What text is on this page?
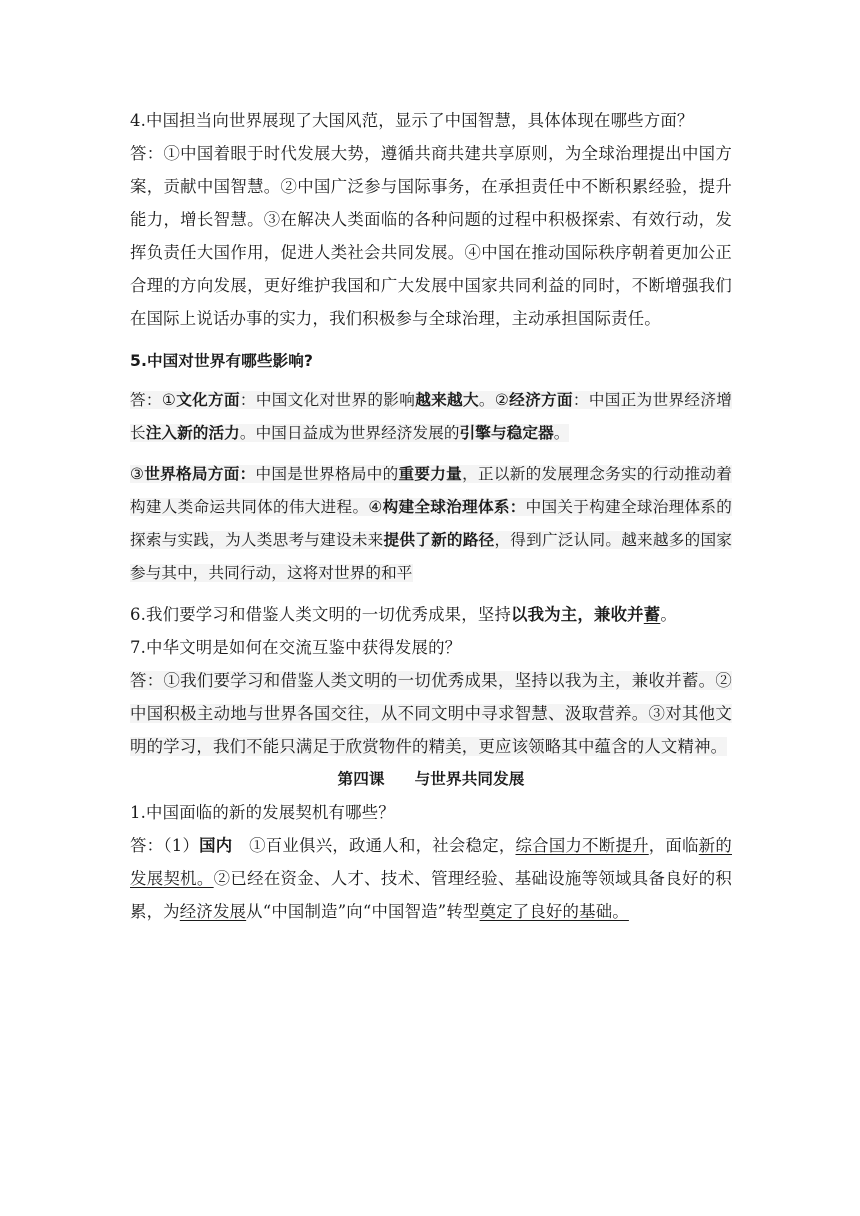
4.中国担当向世界展现了大国风范，显示了中国智慧，具体体现在哪些方面？

答：①中国着眼于时代发展大势，遵循共商共建共享原则，为全球治理提出中国方案，贡献中国智慧。②中国广泛参与国际事务，在承担责任中不断积累经验，提升能力，增长智慧。③在解决人类面临的各种问题的过程中积极探索、有效行动，发挥负责任大国作用，促进人类社会共同发展。④中国在推动国际秩序朝着更加公正合理的方向发展，更好维护我国和广大发展中国家共同利益的同时，不断增强我们在国际上说话办事的实力，我们积极参与全球治理，主动承担国际责任。

5.中国对世界有哪些影响?

答：①文化方面：中国文化对世界的影响越来越大。②经济方面：中国正为世界经济增长注入新的活力。中国日益成为世界经济发展的引擎与稳定器。

③世界格局方面：中国是世界格局中的重要力量，正以新的发展理念务实的行动推动着构建人类命运共同体的伟大进程。④构建全球治理体系：中国关于构建全球治理体系的探索与实践，为人类思考与建设未来提供了新的路径，得到广泛认同。越来越多的国家参与其中，共同行动，这将对世界的和平

6.我们要学习和借鉴人类文明的一切优秀成果，坚持以我为主，兼收并蓄。

7.中华文明是如何在交流互鉴中获得发展的？

答：①我们要学习和借鉴人类文明的一切优秀成果，坚持以我为主，兼收并蓄。②中国积极主动地与世界各国交往，从不同文明中寻求智慧、汲取营养。③对其他文明的学习，我们不能只满足于欣赏物件的精美，更应该领略其中蕴含的人文精神。

第四课 与世界共同发展

1.中国面临的新的发展契机有哪些？

答：（1）国内　①百业俱兴，政通人和，社会稳定，综合国力不断提升，面临新的发展契机。②已经在资金、人才、技术、管理经验、基础设施等领域具备良好的积累，为经济发展从“中国制造”向“中国智造”转型奠定了良好的基础。
